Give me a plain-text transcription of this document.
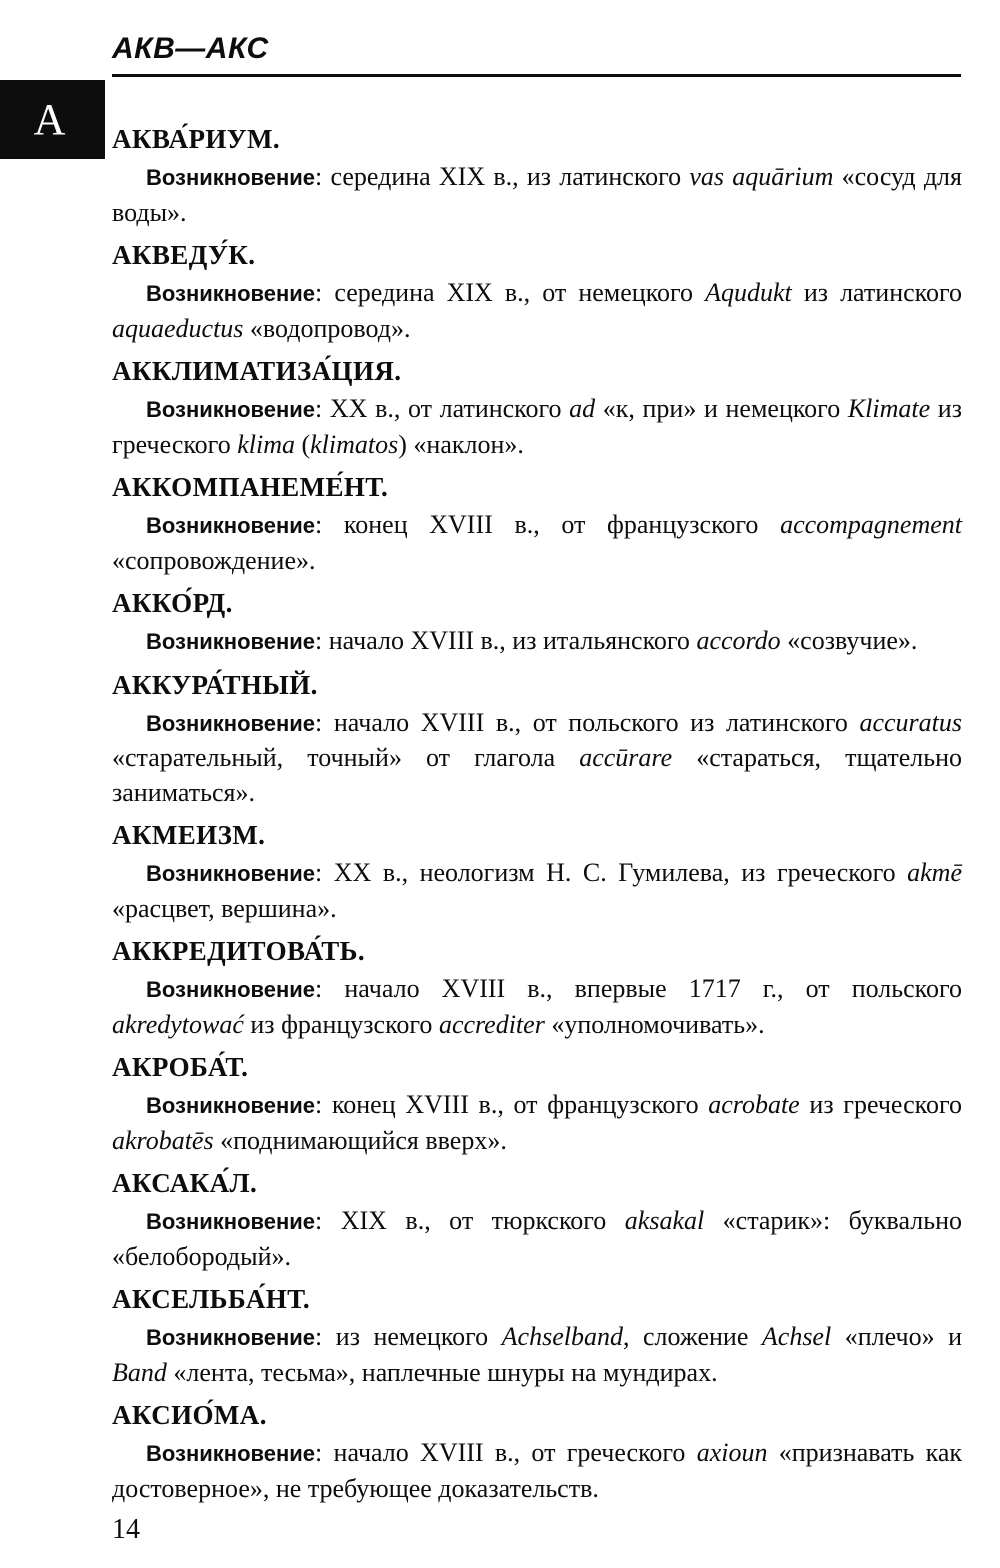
АКВ—АКС
А	АКВА́РИУМ.
Возникновение: середина XIX в., из латинского vas aquārium «сосуд для воды».
АКВЕДУ́К.
Возникновение: середина XIX в., от немецкого Aqudukt из латинского aquaeductus «водопровод».
АККЛИМАТИЗА́ЦИЯ.
Возникновение: XX в., от латинского ad «к, при» и немецкого Klimate из греческого klima (klimatos) «наклон».
АККОМПАНЕМЕ́НТ.
Возникновение: конец XVIII в., от французского accompagnement «сопровождение».
АККО́РД.
Возникновение: начало XVIII в., из итальянского accordo «созвучие».
АККУРА́ТНЫЙ.
Возникновение: начало XVIII в., от польского из латинского accuratus «старательный, точный» от глагола accūrare «стараться, тщательно заниматься».
АКМЕИЗМ.
Возникновение: XX в., неологизм Н. С. Гумилева, из греческого akmē «расцвет, вершина».
АККРЕДИТОВА́ТЬ.
Возникновение: начало XVIII в., впервые 1717 г., от польского akredytować из французского accrediter «уполномочивать».
АКРОБА́Т.
Возникновение: конец XVIII в., от французского acrobate из греческого akrobatēs «поднимающийся вверх».
АКСАКА́Л.
Возникновение: XIX в., от тюркского aksakal «старик»: буквально «белобородый».
АКСЕЛЬБА́НТ.
Возникновение: из немецкого Achselband, сложение Achsel «плечо» и Band «лента, тесьма», наплечные шнуры на мундирах.
АКСИО́МА.
Возникновение: начало XVIII в., от греческого axioun «признавать как достоверное», не требующее доказательств.
14
